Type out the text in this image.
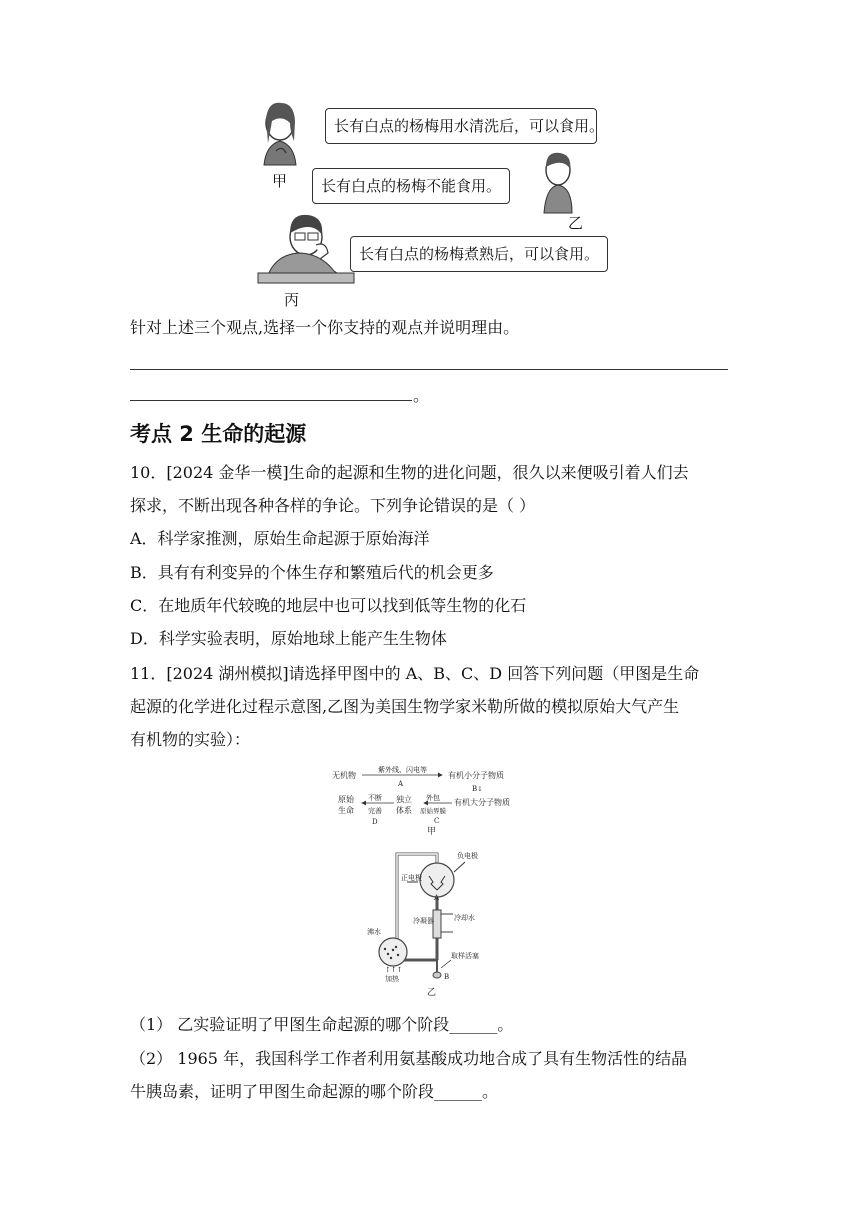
长有白点的杨梅用水清洗后，可以食用。
长有白点的杨梅不能食用。
长有白点的杨梅煮熟后，可以食用。
甲
乙
丙
针对上述三个观点,选择一个你支持的观点并说明理由。
。
考点 2 生命的起源
10．[2024 金华一模]生命的起源和生物的进化问题，很久以来便吸引着人们去
探求，不断出现各种各样的争论。下列争论错误的是（ ）
A．科学家推测，原始生命起源于原始海洋
B．具有有利变异的个体生存和繁殖后代的机会更多
C．在地质年代较晚的地层中也可以找到低等生物的化石
D．科学实验表明，原始地球上能产生生物体
11．[2024 湖州模拟]请选择甲图中的 A、B、C、D 回答下列问题（甲图是生命
起源的化学进化过程示意图,乙图为美国生物学家米勒所做的模拟原始大气产生
有机物的实验）：
无机物
紫外线、闪电等
A
有机小分子物质
B↓
有机大分子物质
外包
原始界膜
C
独立
体系
不断
完善
D
原始
生命
甲
负电极
正电极
A
冷凝器	冷却水
沸水
取样活塞
↑↑↑
加热	B
乙
（1） 乙实验证明了甲图生命起源的哪个阶段______。
（2） 1965 年，我国科学工作者利用氨基酸成功地合成了具有生物活性的结晶
牛胰岛素，证明了甲图生命起源的哪个阶段______。
